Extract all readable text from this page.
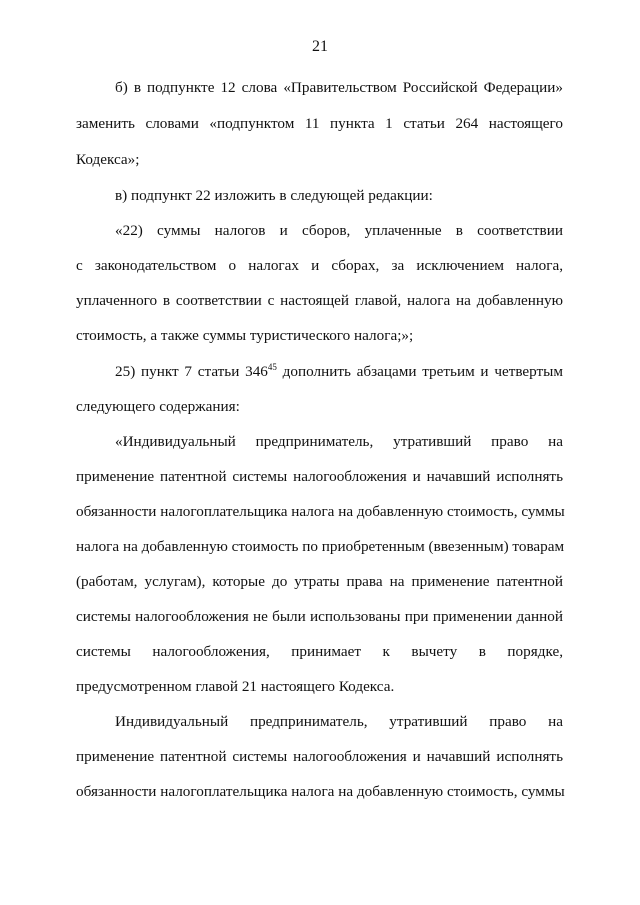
21
б) в подпункте 12 слова «Правительством Российской Федерации»
заменить словами «подпунктом 11 пункта 1 статьи 264 настоящего
Кодекса»;
в) подпункт 22 изложить в следующей редакции:
«22) суммы налогов и сборов, уплаченные в соответствии
с законодательством о налогах и сборах, за исключением налога,
уплаченного в соответствии с настоящей главой, налога на добавленную
стоимость, а также суммы туристического налога;»;
25) пункт 7 статьи $346^{45}$ дополнить абзацами третьим и четвертым
следующего содержания:
«Индивидуальный предприниматель, утративший право на
применение патентной системы налогообложения и начавший исполнять
обязанности налогоплательщика налога на добавленную стоимость, суммы
налога на добавленную стоимость по приобретенным (ввезенным) товарам
(работам, услугам), которые до утраты права на применение патентной
системы налогообложения не были использованы при применении данной
системы налогообложения, принимает к вычету в порядке,
предусмотренном главой 21 настоящего Кодекса.
Индивидуальный предприниматель, утративший право на
применение патентной системы налогообложения и начавший исполнять
обязанности налогоплательщика налога на добавленную стоимость, суммы
